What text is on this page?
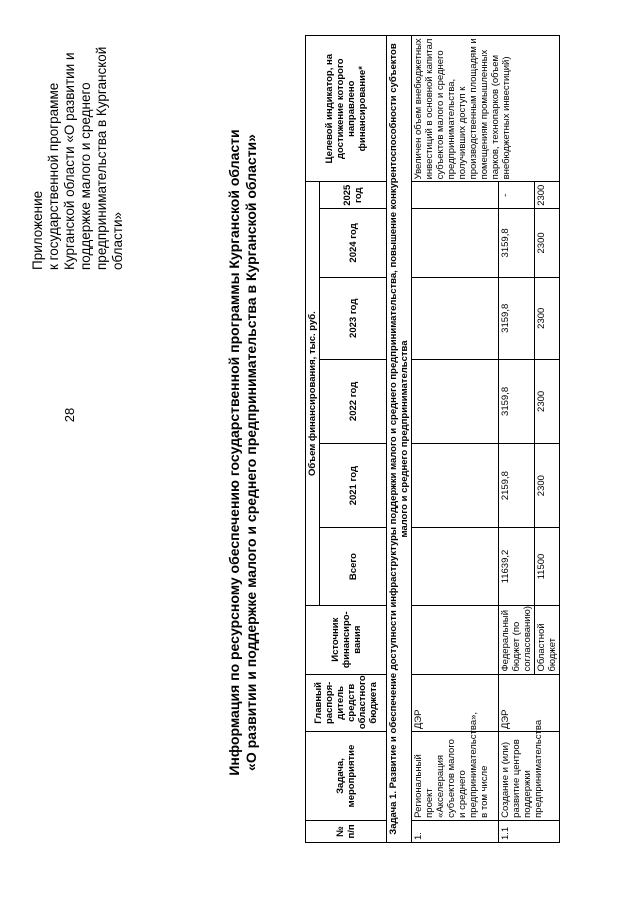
28
Приложение к государственной программе Курганской области «О развитии и поддержке малого и среднего предпринимательства в Курганской области»	Информация по ресурсному обеспечению государственной программы Курганской области «О развитии и поддержке малого и среднего предпринимательства в Курганской области»
№ п/п	Задача, мероприятие	Главный распоря-дитель средств областного бюджета	Источник финансиро-вания	Объем финансирования, тыс. руб.						Целевой индикатор, на достижение которого направлено финансирование*
				Всего	2021 год	2022 год	2023 год	2024 год	2025 год	
Задача 1. Развитие и обеспечение доступности инфраструктуры поддержки малого и среднего предпринимательства, повышение конкурентоспособности субъектов малого и среднего предпринимательства										
1.	Региональный проект «Акселерация субъектов малого и среднего предпринимательства», в том числе	ДЭР								Увеличен объем внебюджетных инвестиций в основной капитал субъектов малого и среднего предпринимательства, получивших доступ к производственным площадям и помещениям промышленных парков, технопарков (объем внебюджетных инвестиций)
1.1	Создание и (или) развитие центров поддержки предпринимательства	ДЭР	Федеральный бюджет (по согласованию)	11639,2	2159,8	3159,8	3159,8	3159,8	-	
			Областной бюджет	11500	2300	2300	2300	2300	2300	
